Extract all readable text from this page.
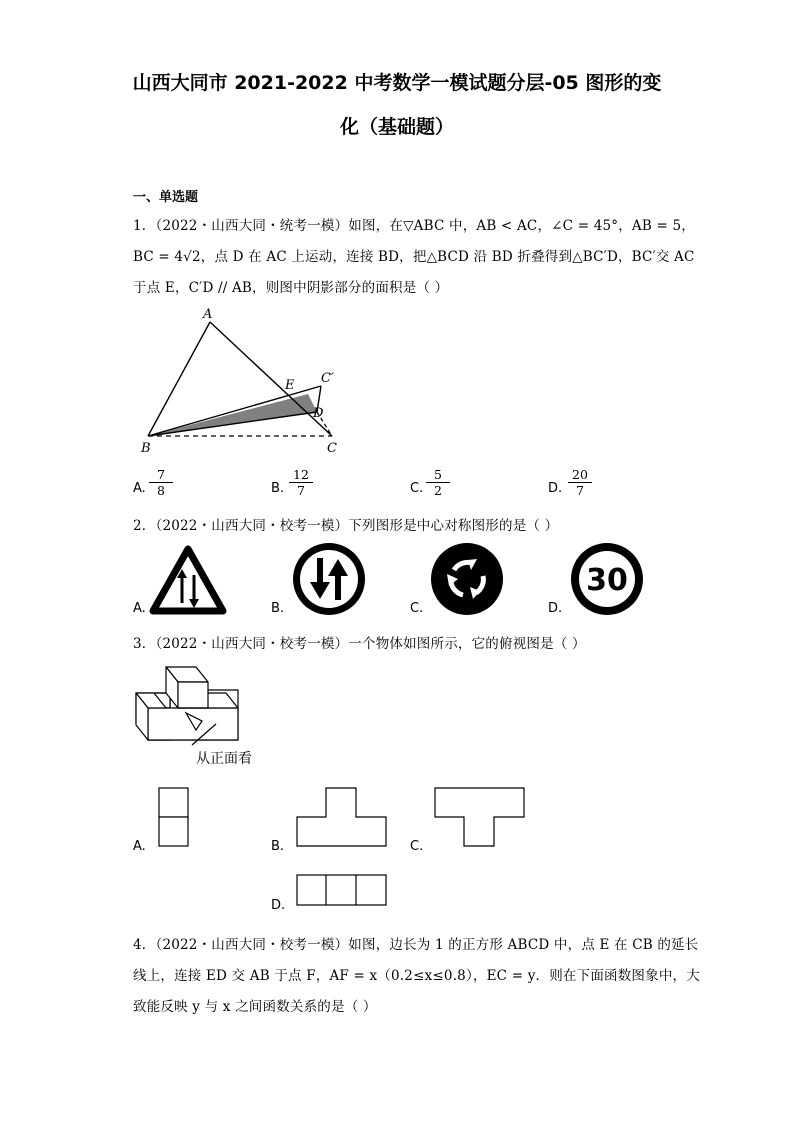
山西大同市 2021-2022 中考数学一模试题分层-05 图形的变
化（基础题）
一、单选题
1．（2022・山西大同・统考一模）如图，在▽ABC 中，AB < AC，∠C = 45°，AB = 5，
BC = 4√2，点 D 在 AC 上运动，连接 BD，把△BCD 沿 BD 折叠得到△BC′D，BC′交 AC
于点 E，C′D // AB，则图中阴影部分的面积是（ ）
A
B	C
C′
D
E
A. $\frac{7}{8}$	B. $\frac{12}{7}$	C. $\frac{5}{2}$	D. $\frac{20}{7}$
2．（2022・山西大同・校考一模）下列图形是中心对称图形的是（ ）
A.	B.	C.	D.
30
3．（2022・山西大同・校考一模）一个物体如图所示，它的俯视图是（ ）
从正面看
A.	B.	C.
D.
4．（2022・山西大同・校考一模）如图，边长为 1 的正方形 ABCD 中，点 E 在 CB 的延长
线上，连接 ED 交 AB 于点 F，AF = x（0.2≤x≤0.8），EC = y．则在下面函数图象中，大
致能反映 y 与 x 之间函数关系的是（ ）
